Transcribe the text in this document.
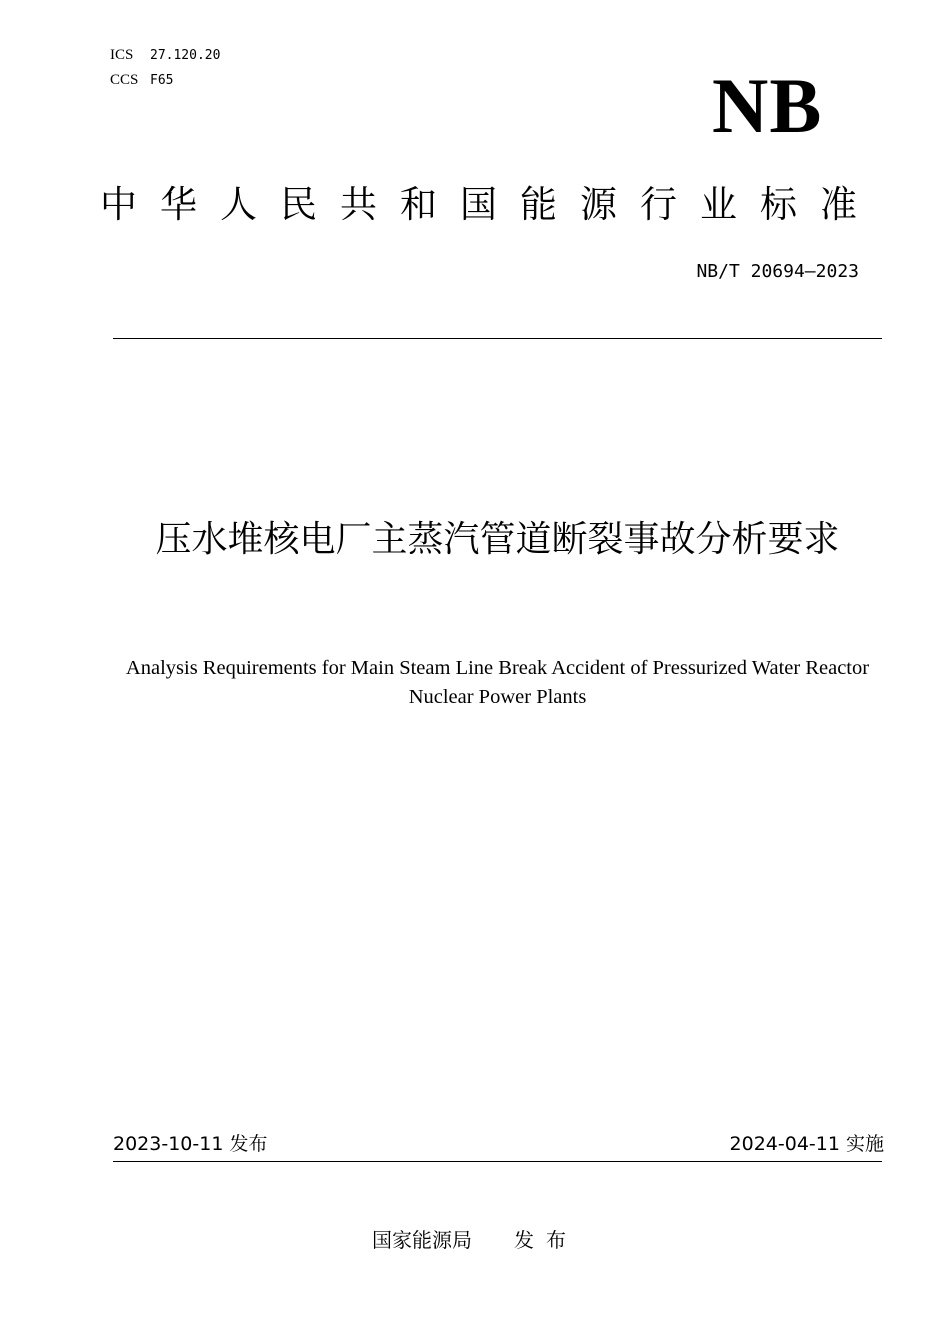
ICS 27.120.20
CCS F65	NB
中华人民共和国能源行业标准
NB/T 20694—2023
压水堆核电厂主蒸汽管道断裂事故分析要求
Analysis Requirements for Main Steam Line Break Accident of Pressurized Water Reactor Nuclear Power Plants
2023-10-11 发布	2024-04-11 实施
国家能源局 发布
